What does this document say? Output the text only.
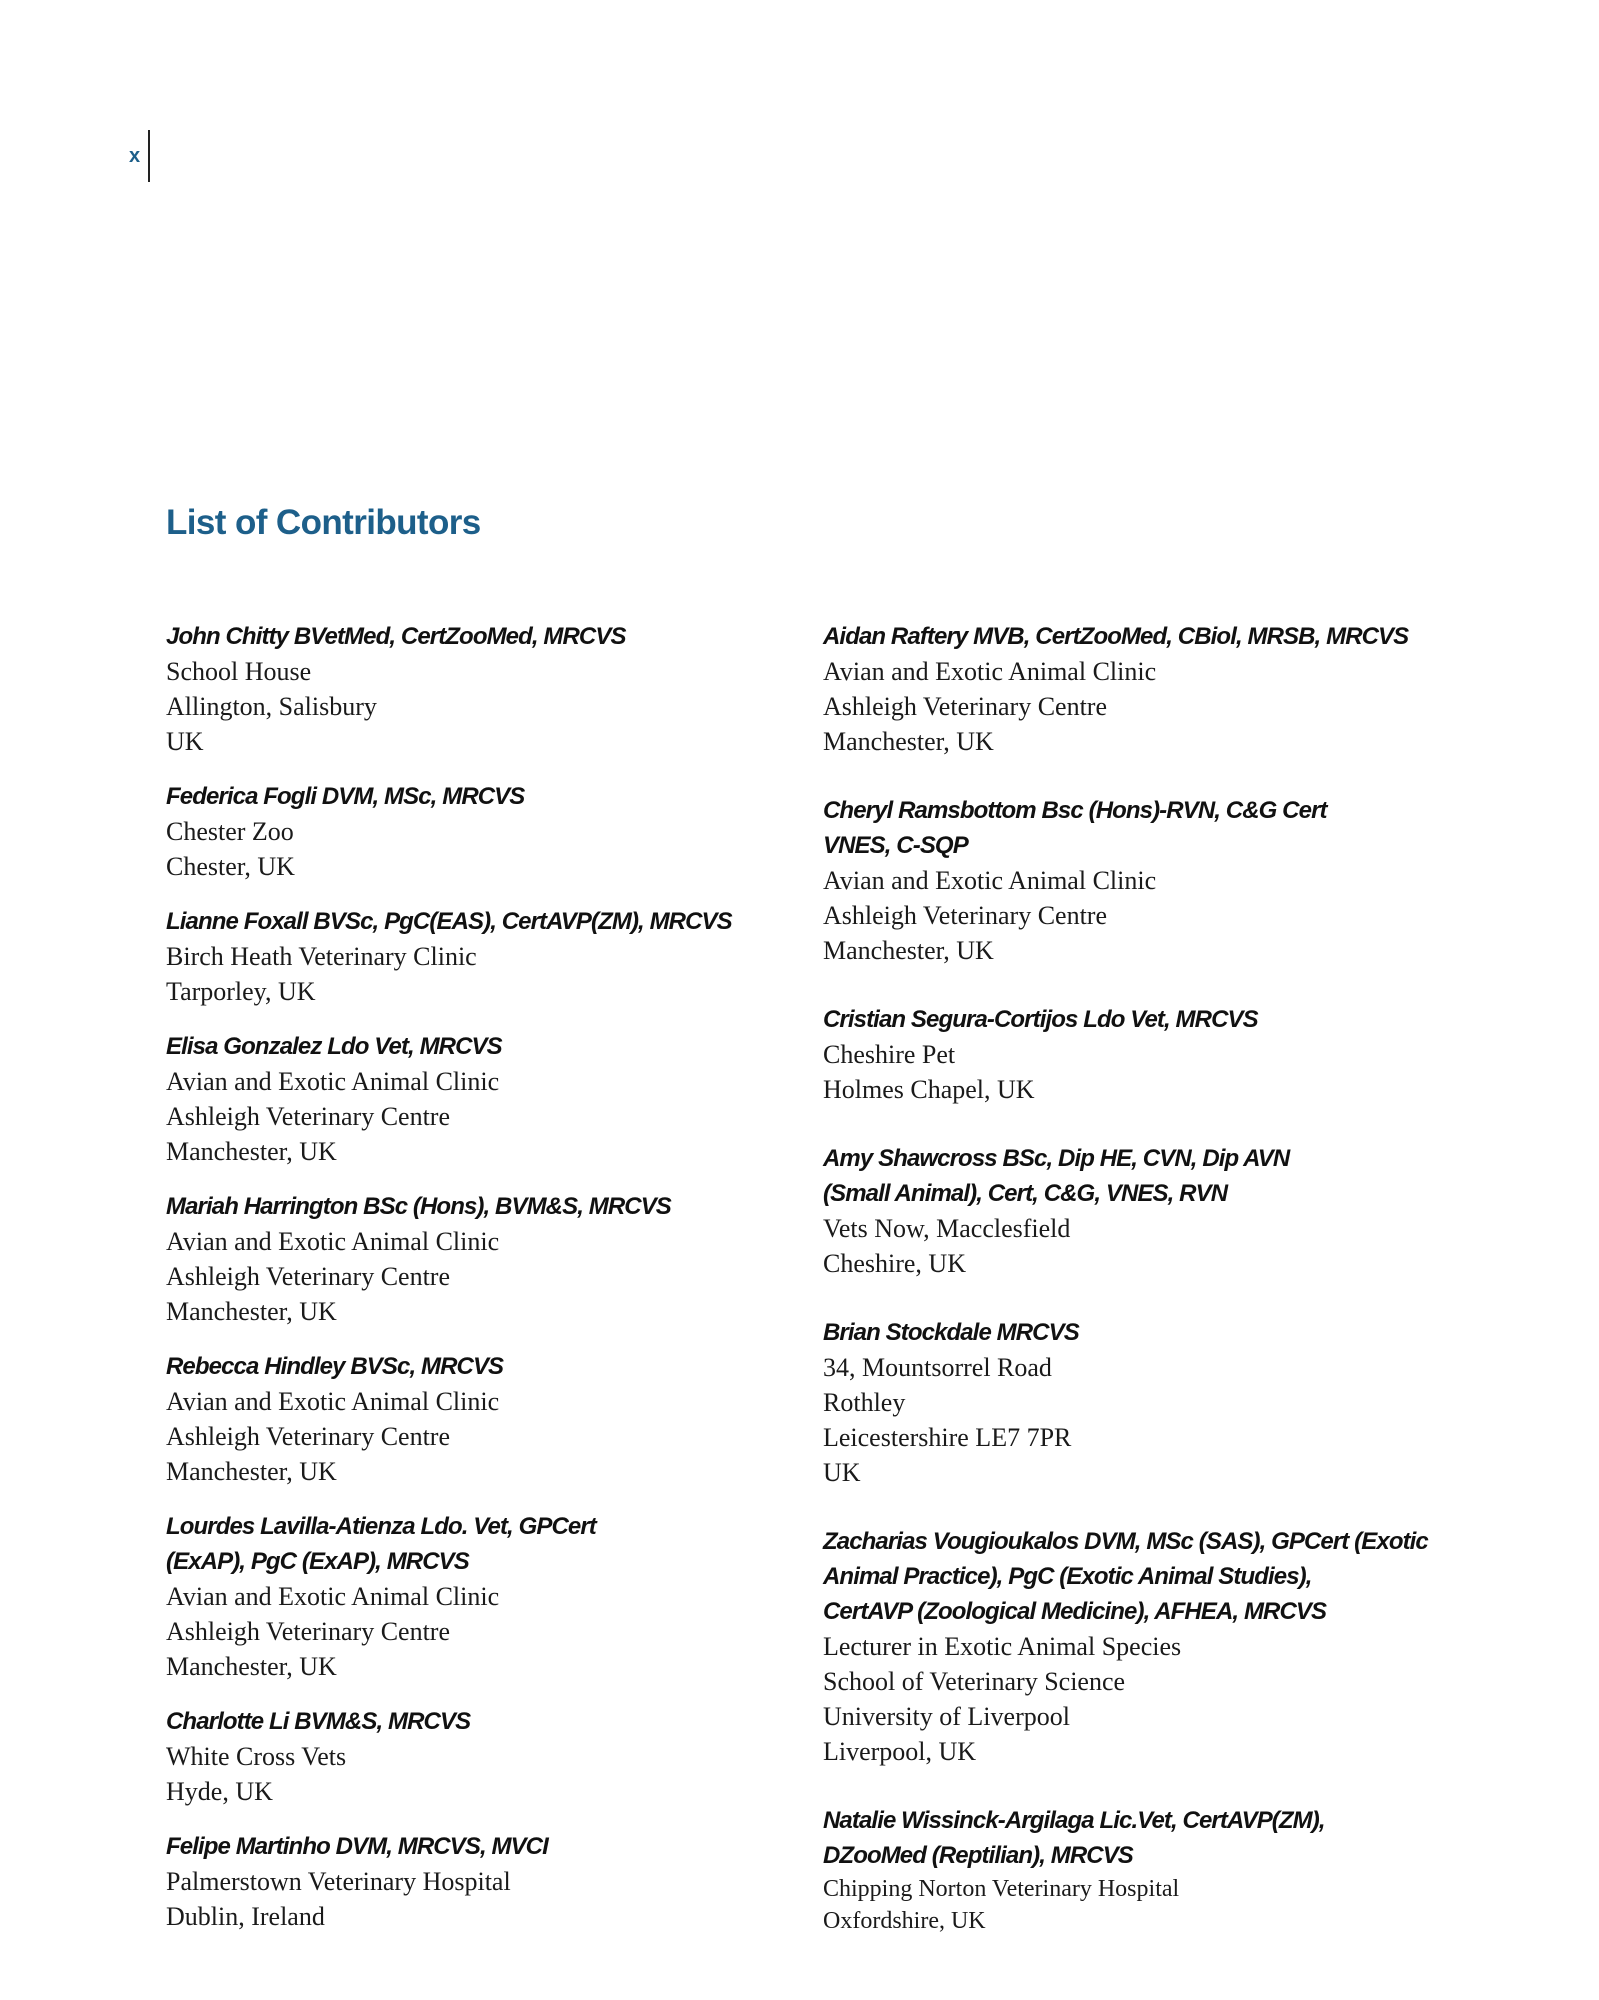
x
List of Contributors
John Chitty BVetMed, CertZooMed, MRCVS
School House
Allington, Salisbury
UK
Federica Fogli DVM, MSc, MRCVS
Chester Zoo
Chester, UK
Lianne Foxall BVSc, PgC(EAS), CertAVP(ZM), MRCVS
Birch Heath Veterinary Clinic
Tarporley, UK
Elisa Gonzalez Ldo Vet, MRCVS
Avian and Exotic Animal Clinic
Ashleigh Veterinary Centre
Manchester, UK
Mariah Harrington BSc (Hons), BVM&S, MRCVS
Avian and Exotic Animal Clinic
Ashleigh Veterinary Centre
Manchester, UK
Rebecca Hindley BVSc, MRCVS
Avian and Exotic Animal Clinic
Ashleigh Veterinary Centre
Manchester, UK
Lourdes Lavilla-Atienza Ldo. Vet, GPCert
(ExAP), PgC (ExAP), MRCVS
Avian and Exotic Animal Clinic
Ashleigh Veterinary Centre
Manchester, UK
Charlotte Li BVM&S, MRCVS
White Cross Vets
Hyde, UK
Felipe Martinho DVM, MRCVS, MVCI
Palmerstown Veterinary Hospital
Dublin, Ireland
Aidan Raftery MVB, CertZooMed, CBiol, MRSB, MRCVS
Avian and Exotic Animal Clinic
Ashleigh Veterinary Centre
Manchester, UK
Cheryl Ramsbottom Bsc (Hons)-RVN, C&G Cert
VNES, C-SQP
Avian and Exotic Animal Clinic
Ashleigh Veterinary Centre
Manchester, UK
Cristian Segura-Cortijos Ldo Vet, MRCVS
Cheshire Pet
Holmes Chapel, UK
Amy Shawcross BSc, Dip HE, CVN, Dip AVN
(Small Animal), Cert, C&G, VNES, RVN
Vets Now, Macclesfield
Cheshire, UK
Brian Stockdale MRCVS
34, Mountsorrel Road
Rothley
Leicestershire LE7 7PR
UK
Zacharias Vougioukalos DVM, MSc (SAS), GPCert (Exotic
Animal Practice), PgC (Exotic Animal Studies),
CertAVP (Zoological Medicine), AFHEA, MRCVS
Lecturer in Exotic Animal Species
School of Veterinary Science
University of Liverpool
Liverpool, UK
Natalie Wissinck-Argilaga Lic.Vet, CertAVP(ZM),
DZooMed (Reptilian), MRCVS
Chipping Norton Veterinary Hospital
Oxfordshire, UK
